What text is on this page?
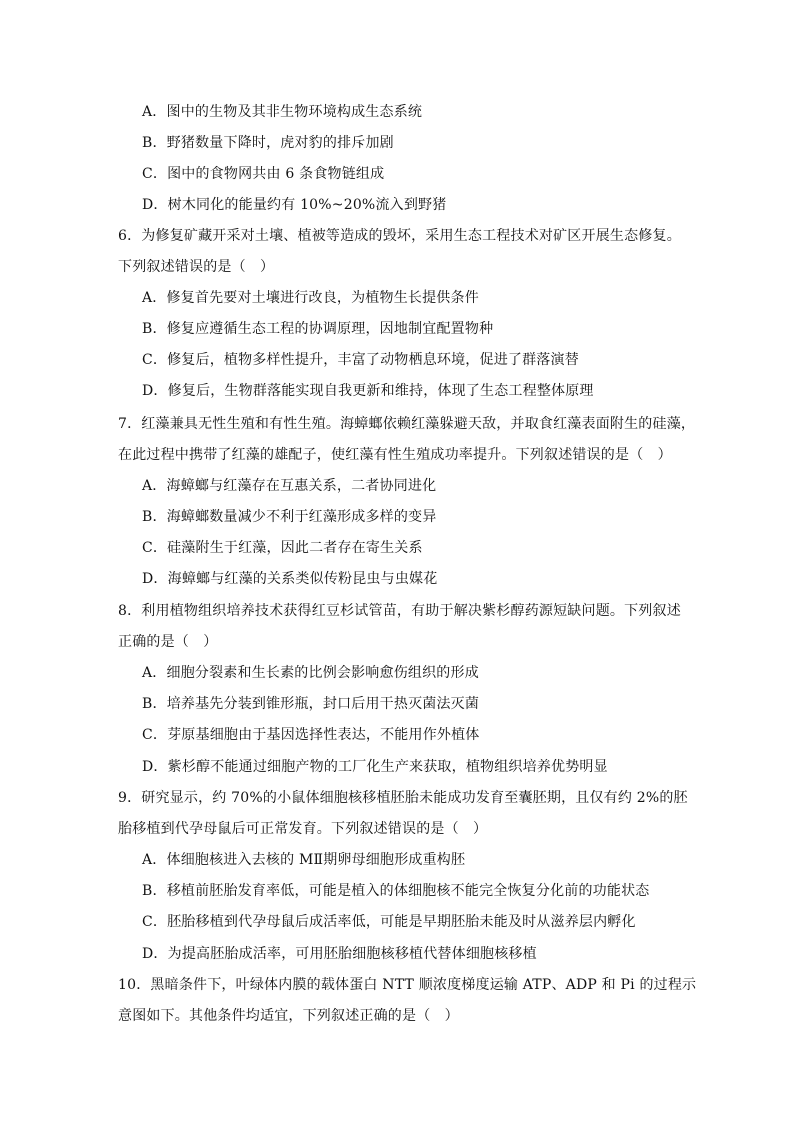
A．图中的生物及其非生物环境构成生态系统
B．野猪数量下降时，虎对豹的排斥加剧
C．图中的食物网共由 6 条食物链组成
D．树木同化的能量约有 10%~20%流入到野猪
6．为修复矿藏开采对土壤、植被等造成的毁坏，采用生态工程技术对矿区开展生态修复。
下列叙述错误的是（　）
A．修复首先要对土壤进行改良，为植物生长提供条件
B．修复应遵循生态工程的协调原理，因地制宜配置物种
C．修复后，植物多样性提升，丰富了动物栖息环境，促进了群落演替
D．修复后，生物群落能实现自我更新和维持，体现了生态工程整体原理
7．红藻兼具无性生殖和有性生殖。海蟑螂依赖红藻躲避天敌，并取食红藻表面附生的硅藻，
在此过程中携带了红藻的雄配子，使红藻有性生殖成功率提升。下列叙述错误的是（　）
A．海蟑螂与红藻存在互惠关系，二者协同进化
B．海蟑螂数量减少不利于红藻形成多样的变异
C．硅藻附生于红藻，因此二者存在寄生关系
D．海蟑螂与红藻的关系类似传粉昆虫与虫媒花
8．利用植物组织培养技术获得红豆杉试管苗，有助于解决紫杉醇药源短缺问题。下列叙述
正确的是（　）
A．细胞分裂素和生长素的比例会影响愈伤组织的形成
B．培养基先分装到锥形瓶，封口后用干热灭菌法灭菌
C．芽原基细胞由于基因选择性表达，不能用作外植体
D．紫杉醇不能通过细胞产物的工厂化生产来获取，植物组织培养优势明显
9．研究显示，约 70%的小鼠体细胞核移植胚胎未能成功发育至囊胚期，且仅有约 2%的胚
胎移植到代孕母鼠后可正常发育。下列叙述错误的是（　）
A．体细胞核进入去核的 MⅡ期卵母细胞形成重构胚
B．移植前胚胎发育率低，可能是植入的体细胞核不能完全恢复分化前的功能状态
C．胚胎移植到代孕母鼠后成活率低，可能是早期胚胎未能及时从滋养层内孵化
D．为提高胚胎成活率，可用胚胎细胞核移植代替体细胞核移植
10．黑暗条件下，叶绿体内膜的载体蛋白 NTT 顺浓度梯度运输 ATP、ADP 和 Pi 的过程示
意图如下。其他条件均适宜，下列叙述正确的是（　）
